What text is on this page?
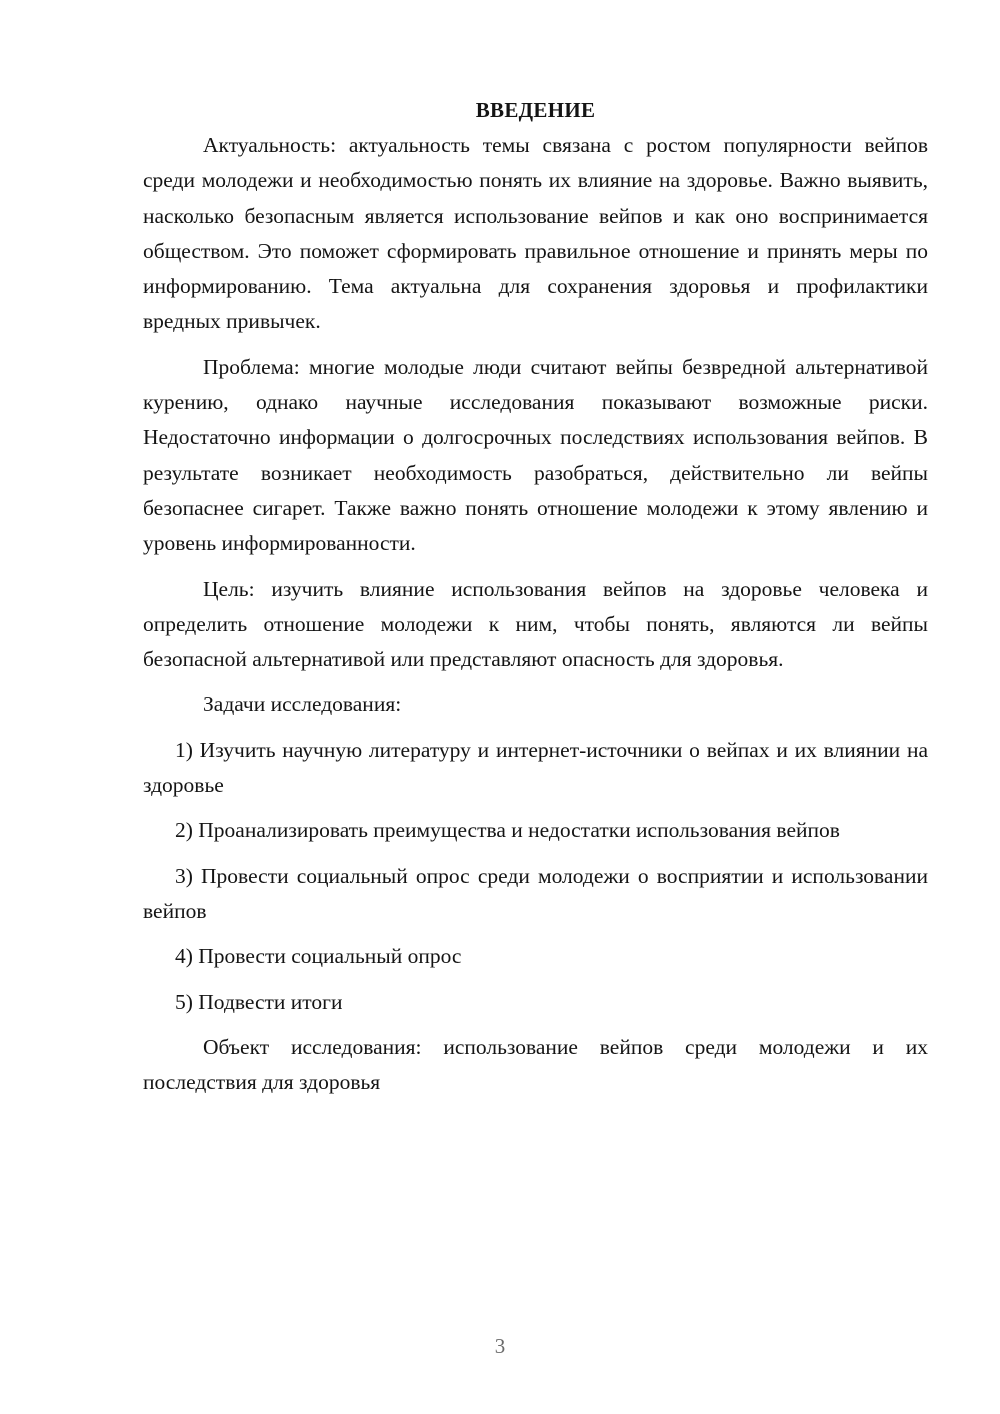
ВВЕДЕНИЕ

Актуальность: актуальность темы связана с ростом популярности вейпов среди молодежи и необходимостью понять их влияние на здоровье. Важно выявить, насколько безопасным является использование вейпов и как оно воспринимается обществом. Это поможет сформировать правильное отношение и принять меры по информированию. Тема актуальна для сохранения здоровья и профилактики вредных привычек.

Проблема: многие молодые люди считают вейпы безвредной альтернативой курению, однако научные исследования показывают возможные риски. Недостаточно информации о долгосрочных последствиях использования вейпов. В результате возникает необходимость разобраться, действительно ли вейпы безопаснее сигарет. Также важно понять отношение молодежи к этому явлению и уровень информированности.

Цель: изучить влияние использования вейпов на здоровье человека и определить отношение молодежи к ним, чтобы понять, являются ли вейпы безопасной альтернативой или представляют опасность для здоровья.

Задачи исследования:

1) Изучить научную литературу и интернет-источники о вейпах и их влиянии на здоровье

2) Проанализировать преимущества и недостатки использования вейпов

3) Провести социальный опрос среди молодежи о восприятии и использовании вейпов

4) Провести социальный опрос

5) Подвести итоги

Объект исследования: использование вейпов среди молодежи и их последствия для здоровья

3
